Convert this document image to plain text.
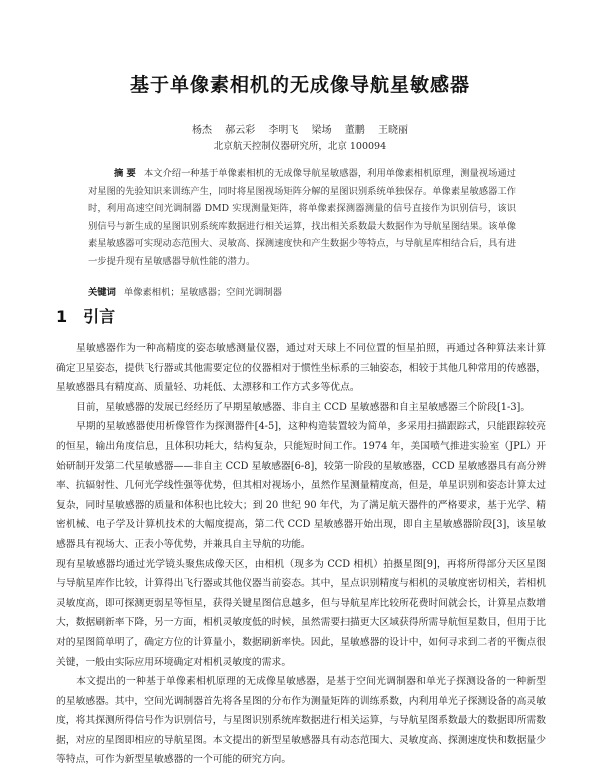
基于单像素相机的无成像导航星敏感器
杨杰 郝云彩 李明飞 梁场 董鹏 王晓丽
北京航天控制仪器研究所，北京 100094
摘 要 本文介绍一种基于单像素相机的无成像导航星敏感器，利用单像素相机原理，测量视场通过对星图的先验知识来训练产生，同时将星图视场矩阵分解的星图识别系统单独保存。单像素星敏感器工作时，利用高速空间光调制器 DMD 实现测量矩阵，将单像素探测器测量的信号直接作为识别信号，该识别信号与新生成的星图识别系统库数据进行相关运算，找出相关系数最大数据作为导航星图结果。该单像素星敏感器可实现动态范围大、灵敏高、探测速度快和产生数据少等特点，与导航星库相结合后，具有进一步提升现有星敏感器导航性能的潜力。
关键词 单像素相机；星敏感器；空间光调制器
1 引言

星敏感器作为一种高精度的姿态敏感测量仪器，通过对天球上不同位置的恒星拍照，再通过各种算法来计算确定卫星姿态，提供飞行器或其他需要定位的仪器相对于惯性坐标系的三轴姿态，相较于其他几种常用的传感器，星敏感器具有精度高、质量轻、功耗低、太漂移和工作方式多等优点。

目前，星敏感器的发展已经经历了早期星敏感器、非自主 CCD 星敏感器和自主星敏感器三个阶段[1-3]。

早期的星敏感器使用析像管作为探测器件[4-5]，这种构造装置较为简单，多采用扫描跟踪式，只能跟踪较亮的恒星，输出角度信息，且体积功耗大，结构复杂，只能短时间工作。1974 年，美国喷气推进实验室（JPL）开始研制开发第二代星敏感器——非自主 CCD 星敏感器[6-8]，较第一阶段的星敏感器，CCD 星敏感器具有高分辨率、抗辐射性、几何光学线性强等优势，但其相对视场小，虽然作星测量精度高，但是，单星识别和姿态计算太过复杂，同时星敏感器的质量和体积也比较大；到 20 世纪 90 年代，为了满足航天器件的严格要求，基于光学、精密机械、电子学及计算机技术的大幅度提高，第二代 CCD 星敏感器开始出现，即自主星敏感器阶段[3]，该星敏感器具有视场大、正表小等优势，并兼具自主导航的功能。

现有星敏感器均通过光学镜头聚焦成像天区，由相机（现多为 CCD 相机）拍摄星图[9]，再将所得部分天区星图与导航星库作比较，计算得出飞行器或其他仪器当前姿态。其中，星点识别精度与相机的灵敏度密切相关，若相机灵敏度高，即可探测更弱星等恒星，获得关键星图信息越多，但与导航星库比较所花费时间就会长，计算星点数增大，数据刷新率下降，另一方面，相机灵敏度低的时候，虽然需要扫描更大区域获得所需导航恒星数目，但用于比对的星图简单明了，确定方位的计算量小，数据刷新率快。因此，星敏感器的设计中，如何寻求到二者的平衡点很关键，一般由实际应用环境确定对相机灵敏度的需求。

本文提出的一种基于单像素相机原理的无成像星敏感器，是基于空间光调制器和单光子探测设备的一种新型的星敏感器。其中，空间光调制器首先将各星图的分布作为测量矩阵的训练系数，内利用单光子探测设备的高灵敏度，将其探测所得信号作为识别信号，与星图识别系统库数据进行相关运算，与导航星图系数最大的数据即所需数据，对应的星图即相应的导航星图。本文提出的新型星敏感器具有动态范围大、灵敏度高、探测速度快和数据量少等特点，可作为新型星敏感器的一个可能的研究方向。
